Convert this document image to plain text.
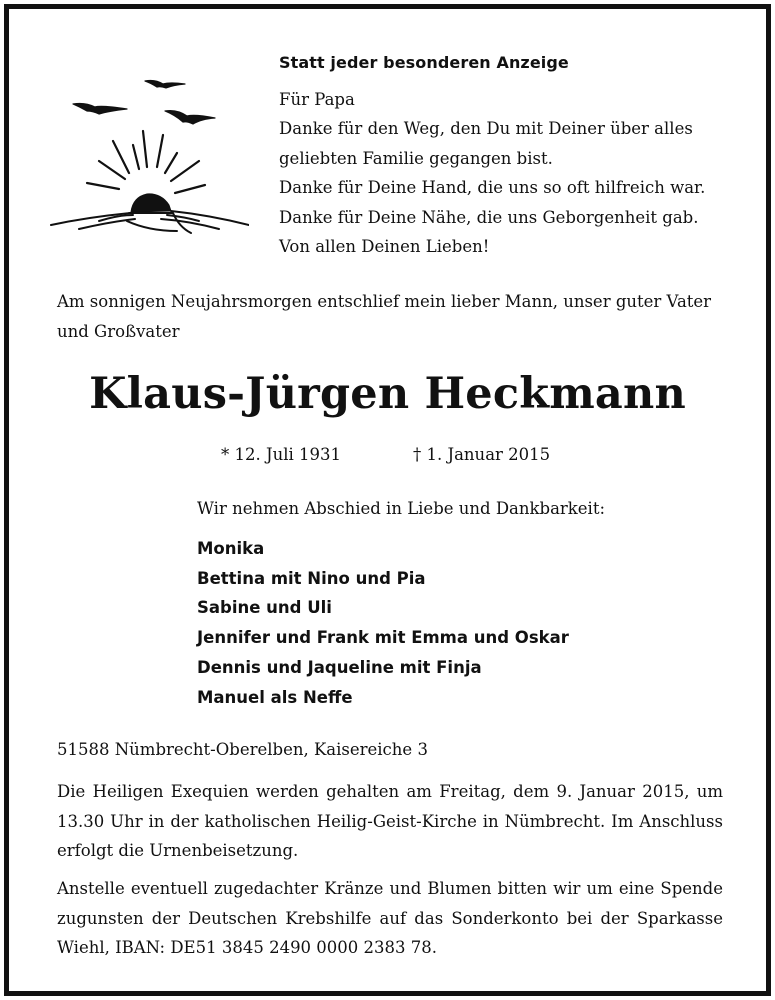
Statt jeder besonderen Anzeige
Für Papa
Danke für den Weg, den Du mit Deiner über alles
geliebten Familie gegangen bist.
Danke für Deine Hand, die uns so oft hilfreich war.
Danke für Deine Nähe, die uns Geborgenheit gab.
Von allen Deinen Lieben!
Am sonnigen Neujahrsmorgen entschlief mein lieber Mann, unser guter Vater und Großvater
Klaus-Jürgen Heckmann
* 12. Juli 1931	† 1. Januar 2015
Wir nehmen Abschied in Liebe und Dankbarkeit:
Monika
Bettina mit Nino und Pia
Sabine und Uli
Jennifer und Frank mit Emma und Oskar
Dennis und Jaqueline mit Finja
Manuel als Neffe
51588 Nümbrecht-Oberelben, Kaisereiche 3
Die Heiligen Exequien werden gehalten am Freitag, dem 9. Januar 2015, um 13.30 Uhr in der katholischen Heilig-Geist-Kirche in Nümbrecht. Im Anschluss erfolgt die Urnenbeisetzung.
Anstelle eventuell zugedachter Kränze und Blumen bitten wir um eine Spende zugunsten der Deutschen Krebshilfe auf das Sonderkonto bei der Sparkasse Wiehl, IBAN: DE51 3845 2490 0000 2383 78.
